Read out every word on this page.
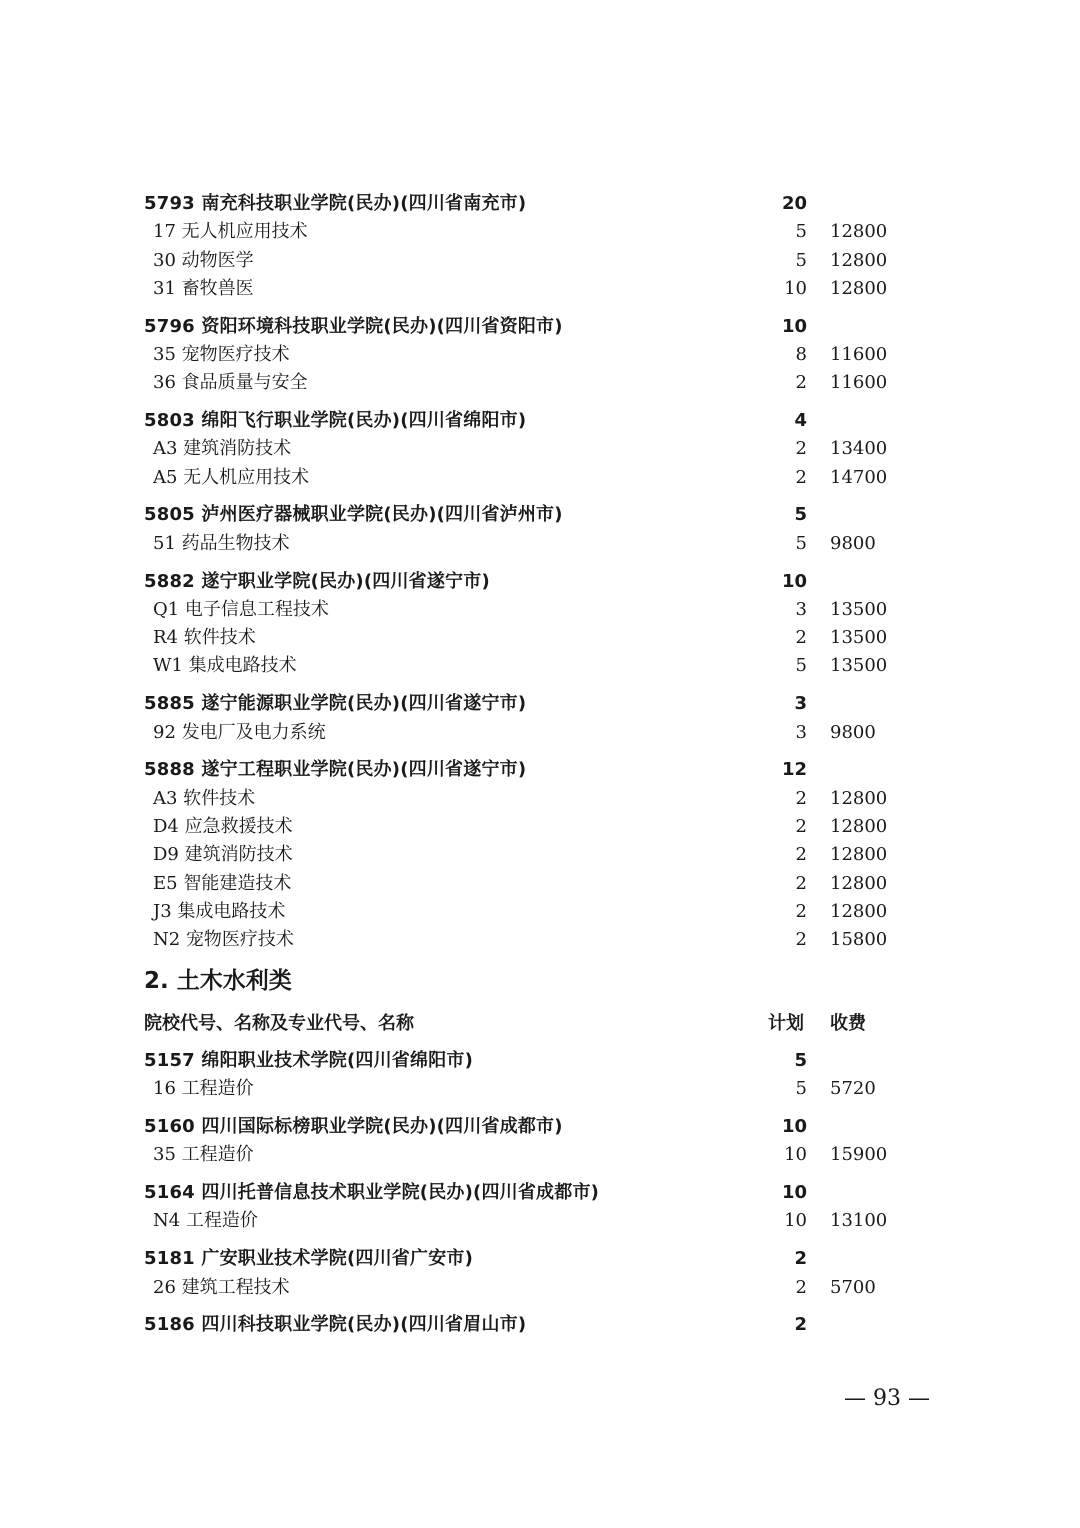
5793 南充科技职业学院(民办)(四川省南充市)	20
17 无人机应用技术	5 12800
30 动物医学	5 12800
31 畜牧兽医	10 12800
5796 资阳环境科技职业学院(民办)(四川省资阳市)	10
35 宠物医疗技术	8 11600
36 食品质量与安全	2 11600
5803 绵阳飞行职业学院(民办)(四川省绵阳市)	4
A3 建筑消防技术	2 13400
A5 无人机应用技术	2 14700
5805 泸州医疗器械职业学院(民办)(四川省泸州市)	5
51 药品生物技术	5 9800
5882 遂宁职业学院(民办)(四川省遂宁市)	10
Q1 电子信息工程技术	3 13500
R4 软件技术	2 13500
W1 集成电路技术	5 13500
5885 遂宁能源职业学院(民办)(四川省遂宁市)	3
92 发电厂及电力系统	3 9800
5888 遂宁工程职业学院(民办)(四川省遂宁市)	12
A3 软件技术	2 12800
D4 应急救援技术	2 12800
D9 建筑消防技术	2 12800
E5 智能建造技术	2 12800
J3 集成电路技术	2 12800
N2 宠物医疗技术	2 15800
2. 土木水利类
院校代号、名称及专业代号、名称	计划 收费
5157 绵阳职业技术学院(四川省绵阳市)	5
16 工程造价	5 5720
5160 四川国际标榜职业学院(民办)(四川省成都市)	10
35 工程造价	10 15900
5164 四川托普信息技术职业学院(民办)(四川省成都市)	10
N4 工程造价	10 13100
5181 广安职业技术学院(四川省广安市)	2
26 建筑工程技术	2 5700
5186 四川科技职业学院(民办)(四川省眉山市)	2
— 93 —
